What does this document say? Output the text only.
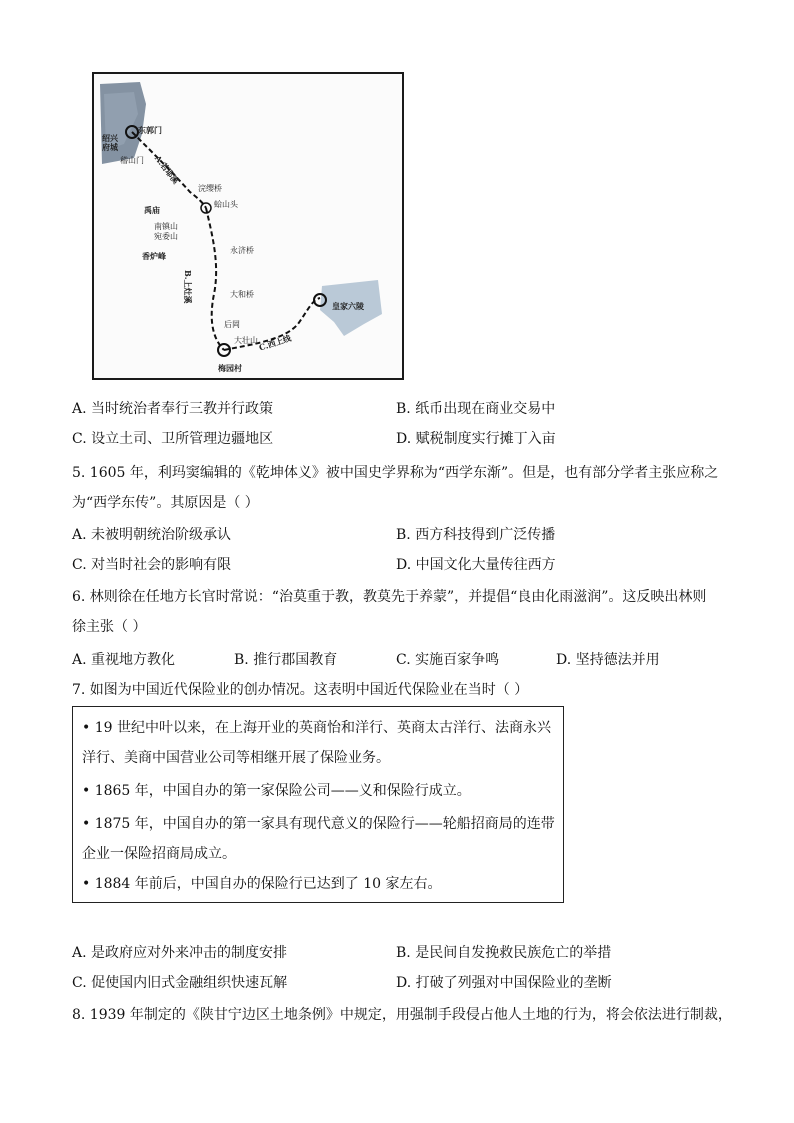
绍兴
府城
东郭门
稽山门 A.若耶溪
浣缨桥
蛤山头
禹庙
南镇山
宛委山
香炉峰
B.上灶溪
永济桥
大和桥
后岡
大壮山 C.西上线
梅园村
皇家六陵
A. 当时统治者奉行三教并行政策	B. 纸币出现在商业交易中
C. 设立土司、卫所管理边疆地区	D. 赋税制度实行摊丁入亩
5. 1605 年，利玛窦编辑的《乾坤体义》被中国史学界称为“西学东渐”。但是，也有部分学者主张应称之
为“西学东传”。其原因是（ ）
A. 未被明朝统治阶级承认	B. 西方科技得到广泛传播
C. 对当时社会的影响有限	D. 中国文化大量传往西方
6. 林则徐在任地方长官时常说：“治莫重于教，教莫先于养蒙”，并提倡“良由化雨滋润”。这反映出林则
徐主张（ ）
A. 重视地方教化	B. 推行郡国教育	C. 实施百家争鸣	D. 坚持德法并用
7. 如图为中国近代保险业的创办情况。这表明中国近代保险业在当时（ ）
• 19 世纪中叶以来，在上海开业的英商怡和洋行、英商太古洋行、法商永兴
洋行、美商中国营业公司等相继开展了保险业务。
• 1865 年，中国自办的第一家保险公司——义和保险行成立。
• 1875 年，中国自办的第一家具有现代意义的保险行——轮船招商局的连带
企业一保险招商局成立。
• 1884 年前后，中国自办的保险行已达到了 10 家左右。
A. 是政府应对外来冲击的制度安排	B. 是民间自发挽救民族危亡的举措
C. 促使国内旧式金融组织快速瓦解	D. 打破了列强对中国保险业的垄断
8. 1939 年制定的《陕甘宁边区土地条例》中规定，用强制手段侵占他人土地的行为，将会依法进行制裁，
